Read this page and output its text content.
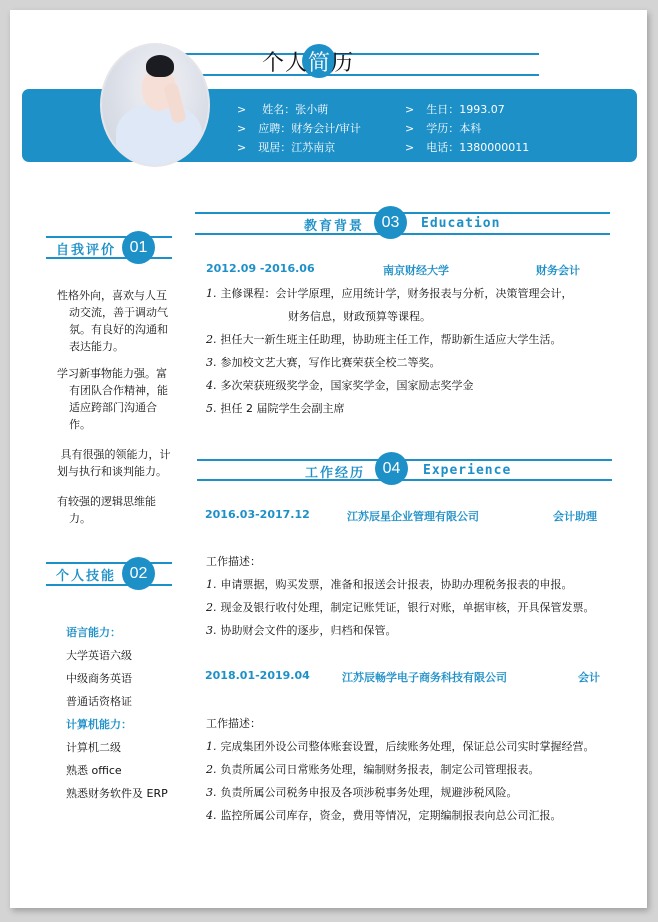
个人简历
> 姓名：张小萌
> 应聘：财务会计/审计
> 现居：江苏南京
> 生日：1993.07
> 学历：本科
> 电话：1380000011
自我评价 01
性格外向，喜欢与人互
动交流，善于调动气
氛。有良好的沟通和
表达能力。
学习新事物能力强。富
有团队合作精神，能
适应跨部门沟通合
作。
具有很强的领能力，计
划与执行和谈判能力。
有较强的逻辑思维能
力。
个人技能 02
语言能力：
大学英语六级
中级商务英语
普通话资格证
计算机能力：
计算机二级
熟悉 office
熟悉财务软件及 ERP
教育背景	03	Education
2012.09 -2016.06	南京财经大学	财务会计
1. 主修课程：会计学原理，应用统计学，财务报表与分析，决策管理会计，
财务信息，财政预算等课程。
2. 担任大一新生班主任助理，协助班主任工作，帮助新生适应大学生活。
3. 参加校文艺大赛，写作比赛荣获全校二等奖。
4. 多次荣获班级奖学金，国家奖学金，国家励志奖学金
5. 担任 2 届院学生会副主席
工作经历	04	Experience
2016.03-2017.12	江苏辰星企业管理有限公司	会计助理
工作描述：
1. 申请票据，购买发票，准备和报送会计报表，协助办理税务报表的申报。
2. 现金及银行收付处理，制定记账凭证，银行对账，单据审核，开具保管发票。
3. 协助财会文件的逐步，归档和保管。
2018.01-2019.04	江苏辰畅学电子商务科技有限公司	会计
工作描述：
1. 完成集团外设公司整体账套设置，后续账务处理，保证总公司实时掌握经营。
2. 负责所属公司日常账务处理，编制财务报表，制定公司管理报表。
3. 负责所属公司税务申报及各项涉税事务处理，规避涉税风险。
4. 监控所属公司库存，资金，费用等情况，定期编制报表向总公司汇报。
